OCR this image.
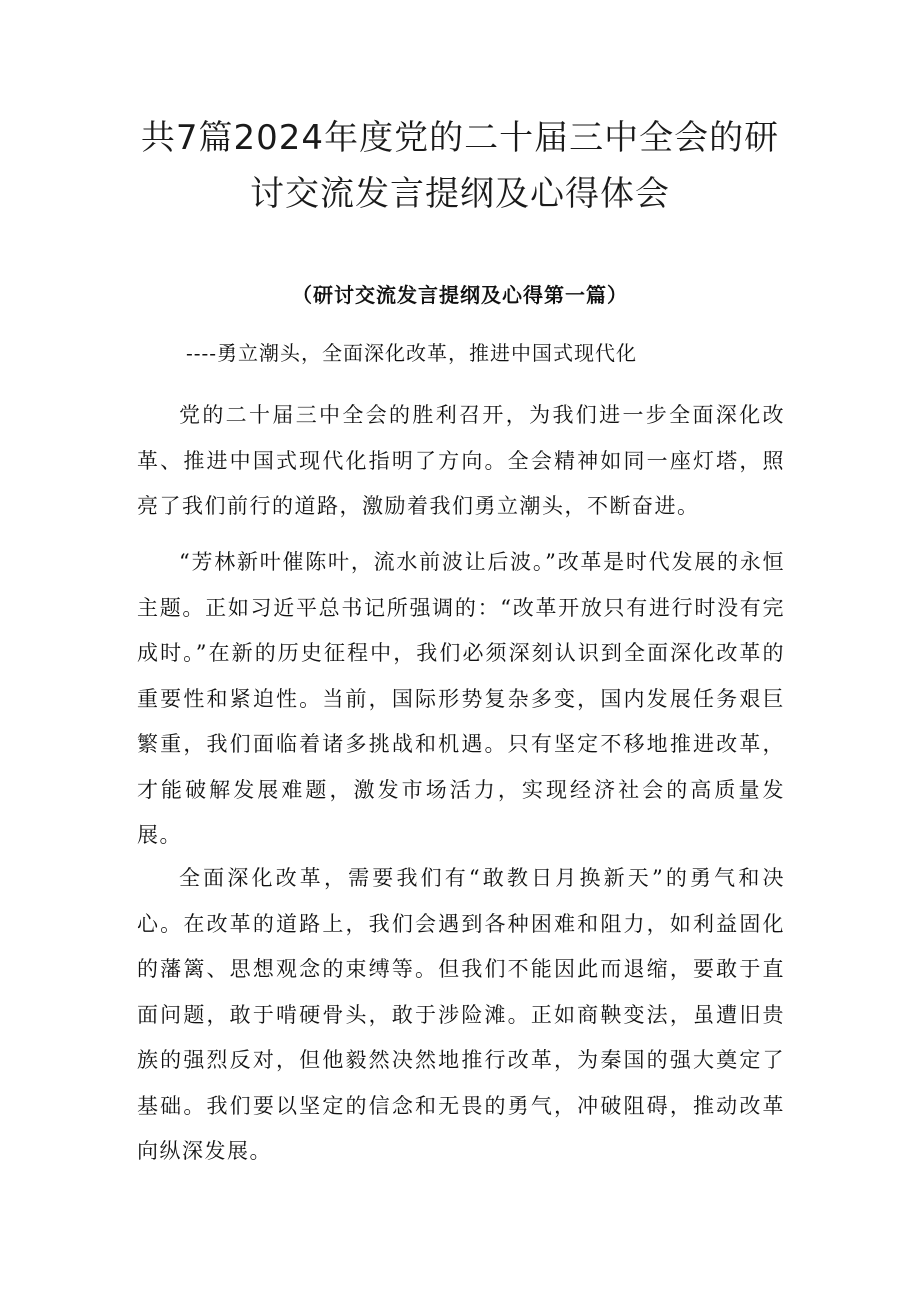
共7篇2024年度党的二十届三中全会的研
讨交流发言提纲及心得体会
（研讨交流发言提纲及心得第一篇）

----勇立潮头，全面深化改革，推进中国式现代化

党的二十届三中全会的胜利召开，为我们进一步全面深化改革、推进中国式现代化指明了方向。全会精神如同一座灯塔，照亮了我们前行的道路，激励着我们勇立潮头，不断奋进。

“芳林新叶催陈叶，流水前波让后波。”改革是时代发展的永恒主题。正如习近平总书记所强调的：“改革开放只有进行时没有完成时。”在新的历史征程中，我们必须深刻认识到全面深化改革的重要性和紧迫性。当前，国际形势复杂多变，国内发展任务艰巨繁重，我们面临着诸多挑战和机遇。只有坚定不移地推进改革，才能破解发展难题，激发市场活力，实现经济社会的高质量发展。

全面深化改革，需要我们有“敢教日月换新天”的勇气和决心。在改革的道路上，我们会遇到各种困难和阻力，如利益固化的藩篱、思想观念的束缚等。但我们不能因此而退缩，要敢于直面问题，敢于啃硬骨头，敢于涉险滩。正如商鞅变法，虽遭旧贵族的强烈反对，但他毅然决然地推行改革，为秦国的强大奠定了基础。我们要以坚定的信念和无畏的勇气，冲破阻碍，推动改革向纵深发展。
